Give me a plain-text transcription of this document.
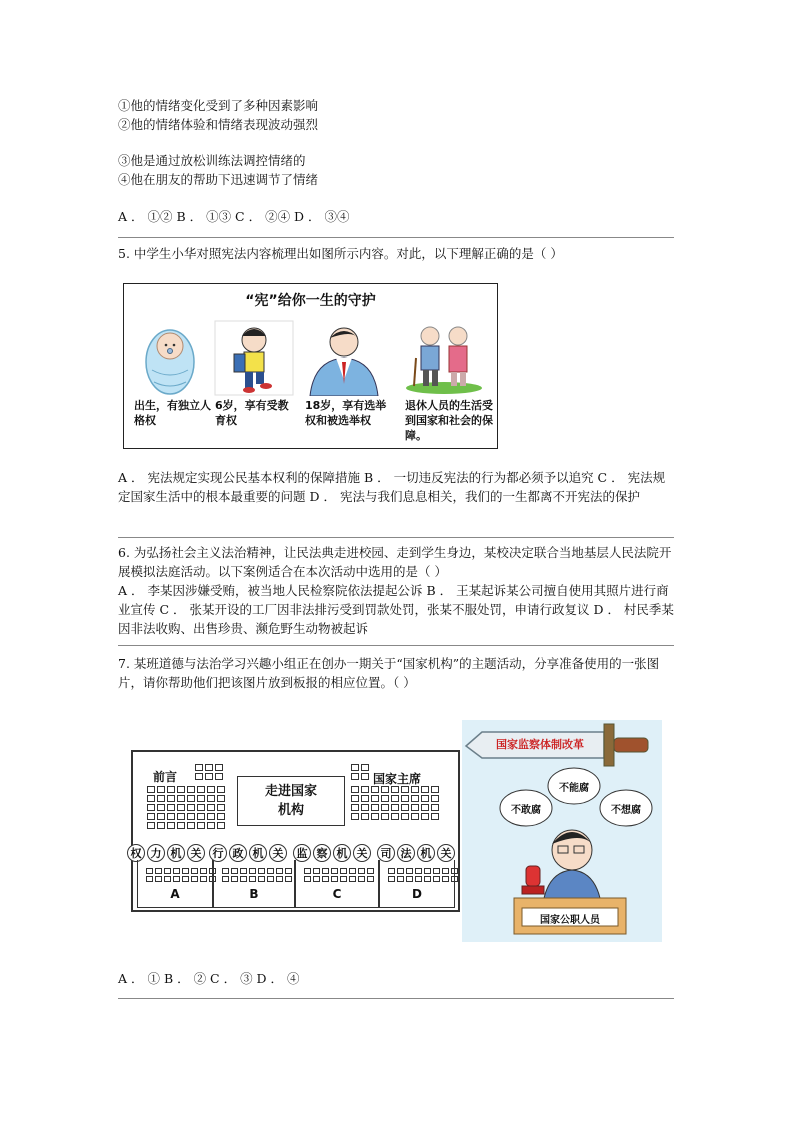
①他的情绪变化受到了多种因素影响
②他的情绪体验和情绪表现波动强烈
③他是通过放松训练法调控情绪的
④他在朋友的帮助下迅速调节了情绪
A ． ①② B ． ①③ C ． ②④ D ． ③④
5. 中学生小华对照宪法内容梳理出如图所示内容。对此，以下理解正确的是（ ）
“宪”给你一生的守护
出生，有独立人格权
6岁，享有受教育权
18岁，享有选举权和被选举权
退休人员的生活受到国家和社会的保障。
A ． 宪法规定实现公民基本权利的保障措施 B ． 一切违反宪法的行为都必须予以追究 C ． 宪法规定国家生活中的根本最重要的问题 D ． 宪法与我们息息相关，我们的一生都离不开宪法的保护
6. 为弘扬社会主义法治精神，让民法典走进校园、走到学生身边，某校决定联合当地基层人民法院开展模拟法庭活动。以下案例适合在本次活动中选用的是（ ）
A ． 李某因涉嫌受贿，被当地人民检察院依法提起公诉 B ． 王某起诉某公司擅自使用其照片进行商业宣传 C ． 张某开设的工厂因非法排污受到罚款处罚，张某不服处罚，申请行政复议 D ． 村民季某因非法收购、出售珍贵、濒危野生动物被起诉
7. 某班道德与法治学习兴趣小组正在创办一期关于“国家机构”的主题活动，分享准备使用的一张图片，请你帮助他们把该图片放到板报的相应位置。（ ）
前言
走进国家机构
国家主席
权 力 机 关	行 政 机 关	监 察 机 关	司 法 机 关
A	B	C	D
国家监察体制改革
不敢腐
不能腐
不想腐
国家公职人员
A ． ① B ． ② C ． ③ D ． ④
